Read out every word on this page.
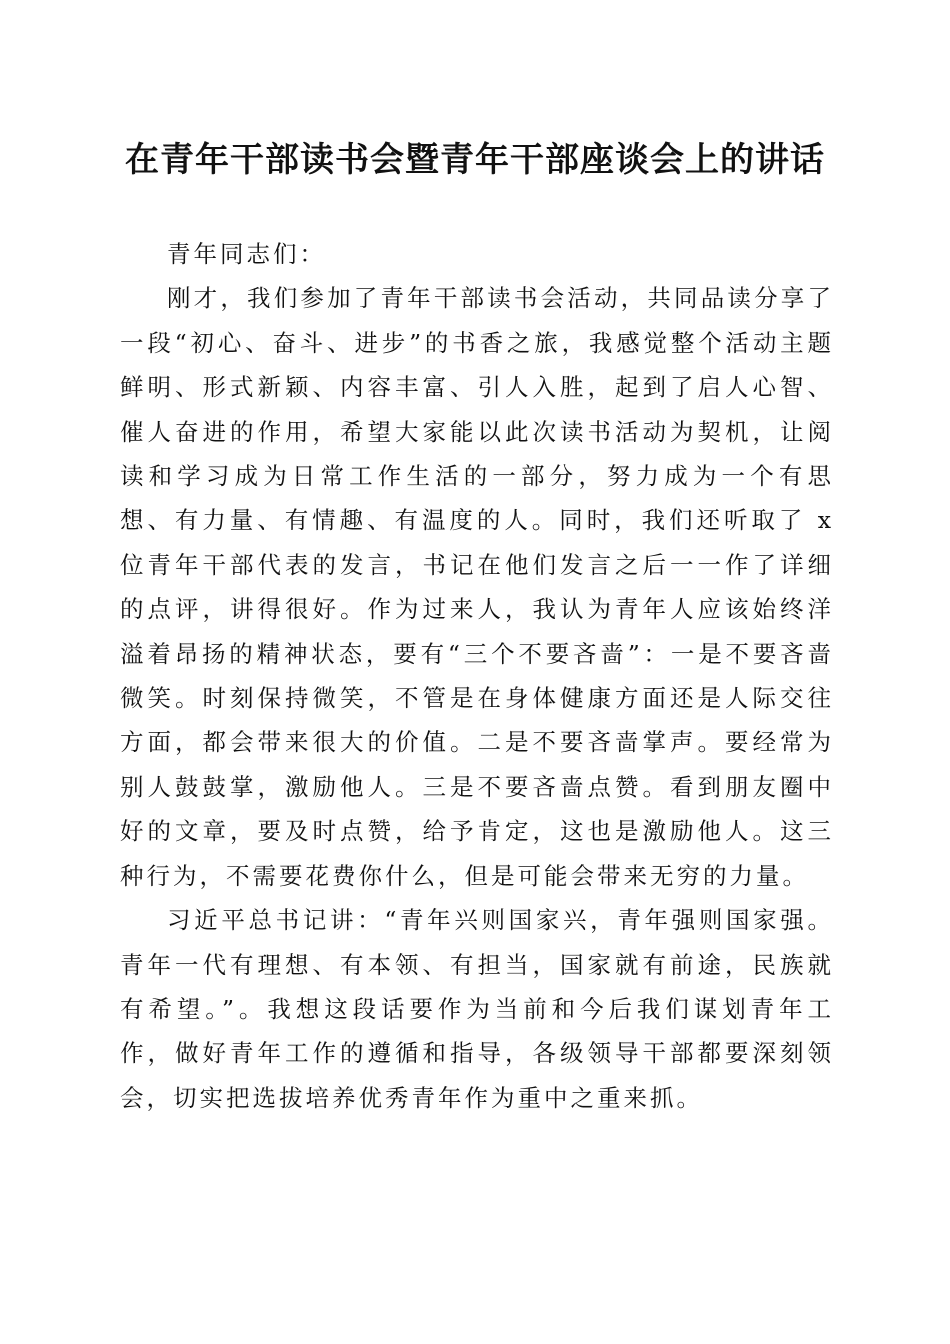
在青年干部读书会暨青年干部座谈会上的讲话

青年同志们：

刚才，我们参加了青年干部读书会活动，共同品读分享了一段“初心、奋斗、进步”的书香之旅，我感觉整个活动主题鲜明、形式新颖、内容丰富、引人入胜，起到了启人心智、催人奋进的作用，希望大家能以此次读书活动为契机，让阅读和学习成为日常工作生活的一部分，努力成为一个有思想、有力量、有情趣、有温度的人。同时，我们还听取了 x 位青年干部代表的发言，书记在他们发言之后一一作了详细的点评，讲得很好。作为过来人，我认为青年人应该始终洋溢着昂扬的精神状态，要有“三个不要吝啬”：一是不要吝啬微笑。时刻保持微笑，不管是在身体健康方面还是人际交往方面，都会带来很大的价值。二是不要吝啬掌声。要经常为别人鼓鼓掌，激励他人。三是不要吝啬点赞。看到朋友圈中好的文章，要及时点赞，给予肯定，这也是激励他人。这三种行为，不需要花费你什么，但是可能会带来无穷的力量。

习近平总书记讲：“青年兴则国家兴，青年强则国家强。青年一代有理想、有本领、有担当，国家就有前途，民族就有希望。”。我想这段话要作为当前和今后我们谋划青年工作，做好青年工作的遵循和指导，各级领导干部都要深刻领会，切实把选拔培养优秀青年作为重中之重来抓。
